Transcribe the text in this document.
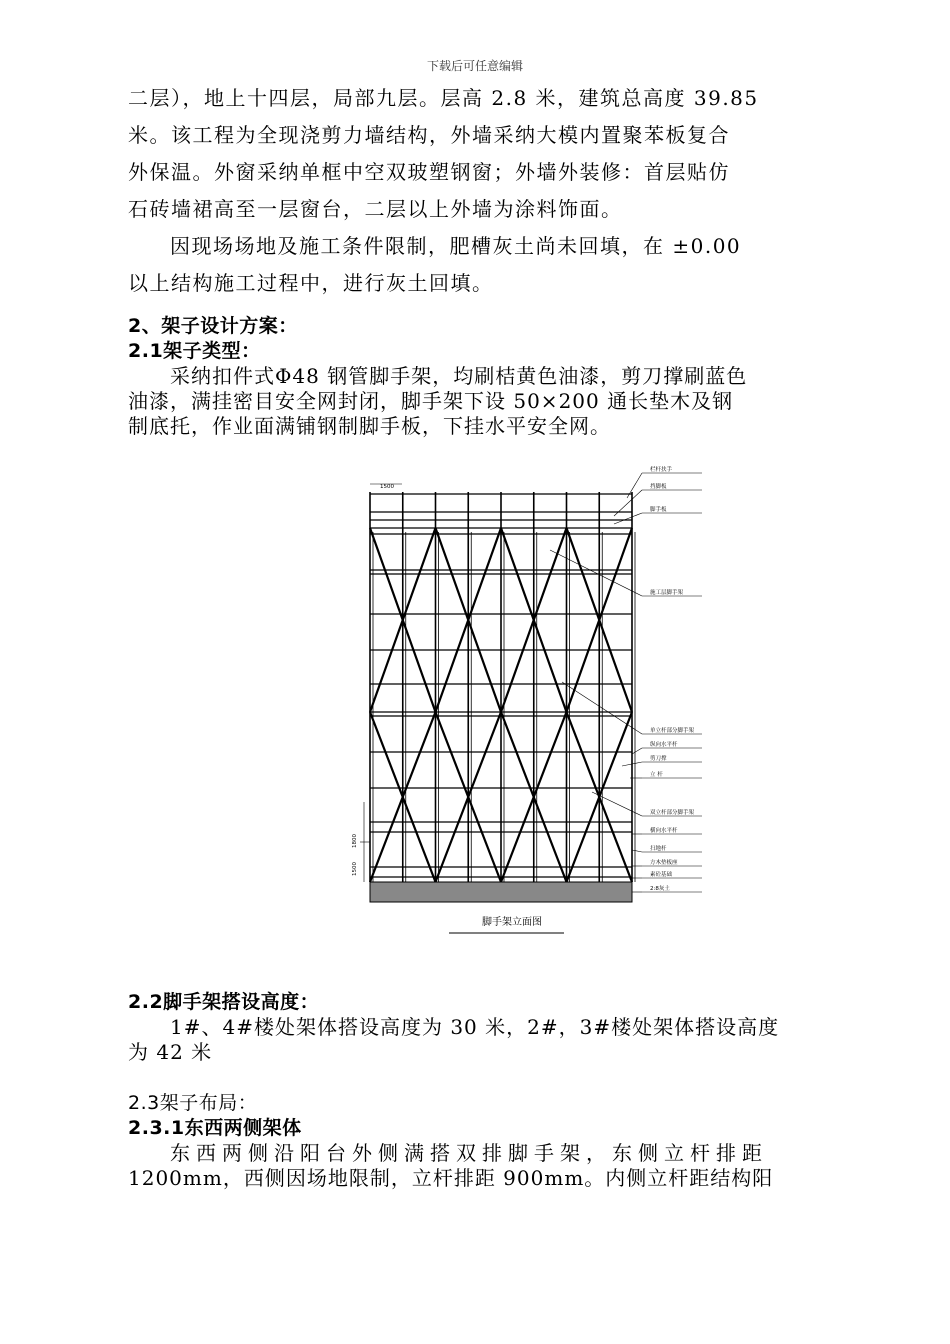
下载后可任意编辑
二层），地上十四层，局部九层。层高 2.8 米，建筑总高度 39.85
米。该工程为全现浇剪力墙结构，外墙采纳大模内置聚苯板复合
外保温。外窗采纳单框中空双玻塑钢窗；外墙外装修：首层贴仿
石砖墙裙高至一层窗台，二层以上外墙为涂料饰面。
因现场场地及施工条件限制，肥槽灰土尚未回填，在 ±0.00
以上结构施工过程中，进行灰土回填。
2、架子设计方案：
2.1架子类型：
采纳扣件式Φ48 钢管脚手架，均刷桔黄色油漆，剪刀撑刷蓝色
油漆，满挂密目安全网封闭，脚手架下设 50×200 通长垫木及钢
制底托，作业面满铺钢制脚手板，下挂水平安全网。
1500
1800
1500
栏杆扶手
挡脚板
脚手板
施工层脚手架
单立杆部分脚手架
纵向水平杆
剪刀撑
立 杆
双立杆部分脚手架
横向水平杆
扫地杆
方木垫板座
素砼基础
2:8灰土
脚手架立面图
2.2脚手架搭设高度：
1#、4#楼处架体搭设高度为 30 米，2#，3#楼处架体搭设高度
为 42 米
2.3架子布局：
2.3.1东西两侧架体
东西两侧沿阳台外侧满搭双排脚手架，东侧立杆排距
1200mm，西侧因场地限制，立杆排距 900mm。内侧立杆距结构阳
